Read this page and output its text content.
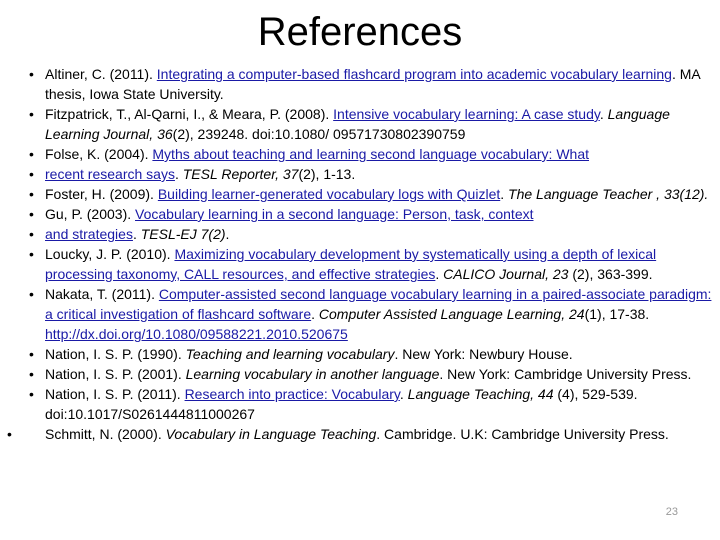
References
• Altiner, C. (2011). Integrating a computer-based flashcard program into academic vocabulary learning. MA thesis, Iowa State University.
• Fitzpatrick, T., Al-Qarni, I., & Meara, P. (2008). Intensive vocabulary learning: A case study. Language Learning Journal, 36(2), 239248. doi:10.1080/ 09571730802390759
• Folse, K. (2004). Myths about teaching and learning second language vocabulary: What
• recent research says. TESL Reporter, 37(2), 1-13.
• Foster, H. (2009). Building learner-generated vocabulary logs with Quizlet. The Language Teacher , 33(12).
• Gu, P. (2003). Vocabulary learning in a second language: Person, task, context
• and strategies. TESL-EJ 7(2).
• Loucky, J. P. (2010). Maximizing vocabulary development by systematically using a depth of lexical processing taxonomy, CALL resources, and effective strategies. CALICO Journal, 23 (2), 363-399.
• Nakata, T. (2011). Computer-assisted second language vocabulary learning in a paired-associate paradigm: a critical investigation of flashcard software. Computer Assisted Language Learning, 24(1), 17-38. http://dx.doi.org/10.1080/09588221.2010.520675
• Nation, I. S. P. (1990). Teaching and learning vocabulary. New York: Newbury House.
• Nation, I. S. P. (2001). Learning vocabulary in another language. New York: Cambridge University Press.
• Nation, I. S. P. (2011). Research into practice: Vocabulary. Language Teaching, 44 (4), 529-539. doi:10.1017/S0261444811000267
• Schmitt, N. (2000). Vocabulary in Language Teaching. Cambridge. U.K: Cambridge University Press.
23
